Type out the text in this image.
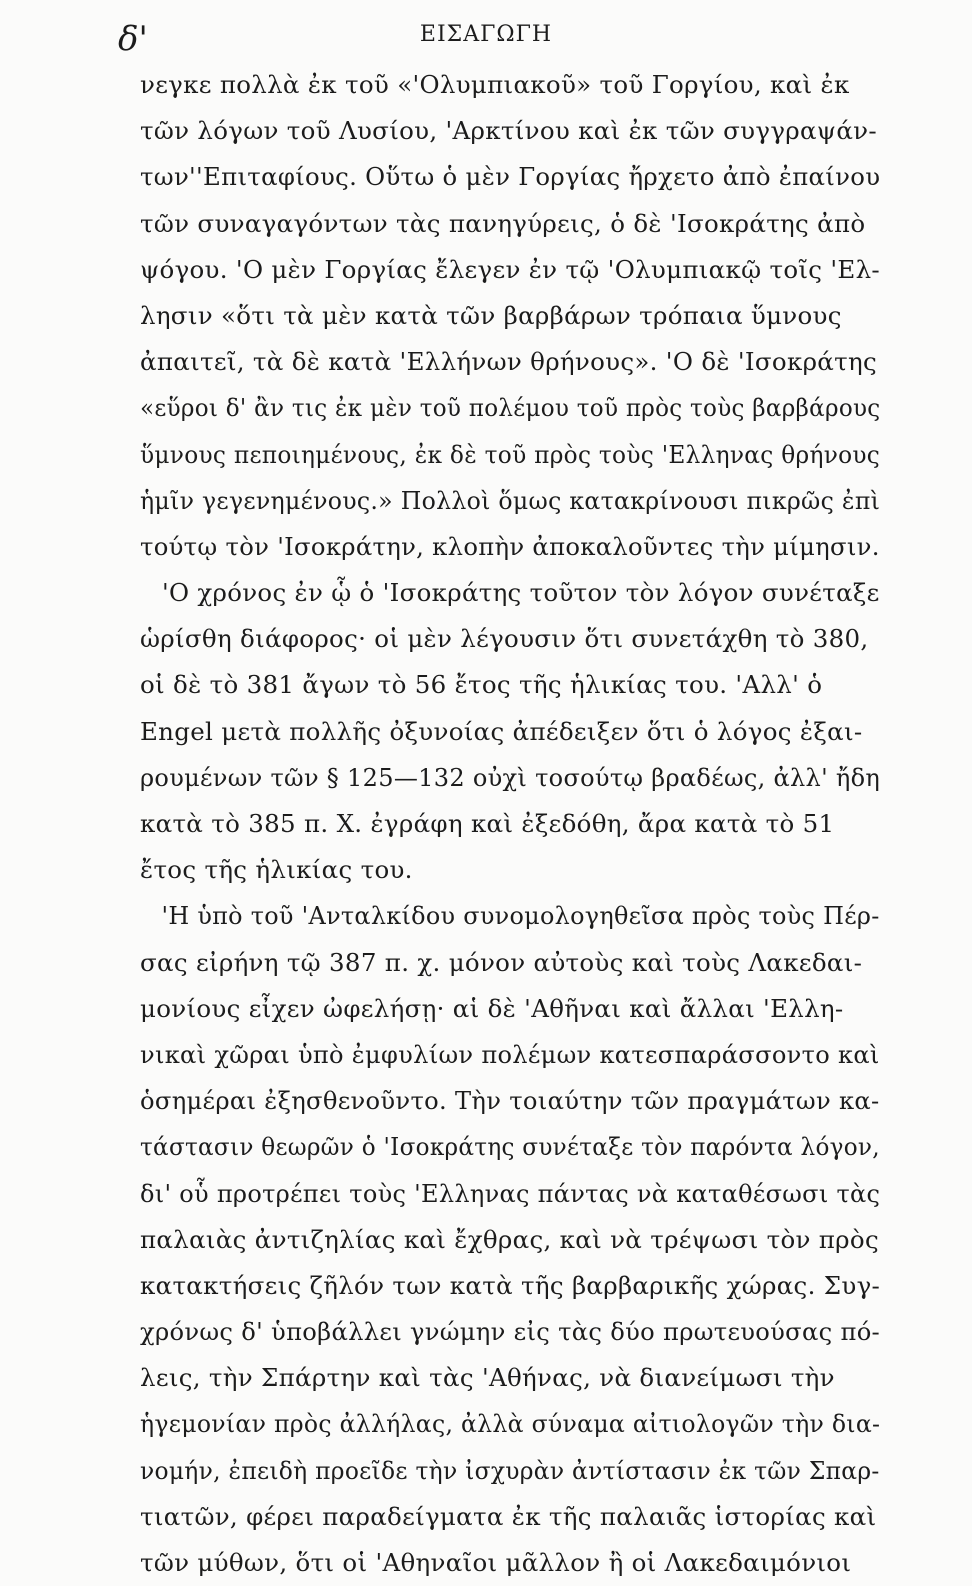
δ'	ΕΙΣΑΓΩΓΗ
νεγκε πολλὰ ἐκ τοῦ «'Ολυμπιακοῦ» τοῦ Γοργίου, καὶ ἐκ
τῶν λόγων τοῦ Λυσίου, 'Αρκτίνου καὶ ἐκ τῶν συγγραψάν-
των''Επιταφίους. Οὕτω ὁ μὲν Γοργίας ἤρχετο ἀπὸ ἐπαίνου
τῶν συναγαγόντων τὰς πανηγύρεις, ὁ δὲ 'Ισοκράτης ἀπὸ
ψόγου. 'Ο μὲν Γοργίας ἔλεγεν ἐν τῷ 'Ολυμπιακῷ τοῖς 'Ελ-
λησιν «ὅτι τὰ μὲν κατὰ τῶν βαρβάρων τρόπαια ὕμνους
ἀπαιτεῖ, τὰ δὲ κατὰ 'Ελλήνων θρήνους». 'Ο δὲ 'Ισοκράτης
«εὕροι δ' ἂν τις ἐκ μὲν τοῦ πολέμου τοῦ πρὸς τοὺς βαρβάρους
ὕμνους πεποιημένους, ἐκ δὲ τοῦ πρὸς τοὺς 'Ελληνας θρήνους
ἡμῖν γεγενημένους.» Πολλοὶ ὅμως κατακρίνουσι πικρῶς ἐπὶ
τούτῳ τὸν 'Ισοκράτην, κλοπὴν ἀποκαλοῦντες τὴν μίμησιν.
'Ο χρόνος ἐν ᾧ ὁ 'Ισοκράτης τοῦτον τὸν λόγον συνέταξε
ὡρίσθη διάφορος· οἱ μὲν λέγουσιν ὅτι συνετάχθη τὸ 380,
οἱ δὲ τὸ 381 ἄγων τὸ 56 ἔτος τῆς ἡλικίας του. 'Αλλ' ὁ
Engel μετὰ πολλῆς ὀξυνοίας ἀπέδειξεν ὅτι ὁ λόγος ἐξαι-
ρουμένων τῶν § 125—132 οὐχὶ τοσούτῳ βραδέως, ἀλλ' ἤδη
κατὰ τὸ 385 π. Χ. ἐγράφη καὶ ἐξεδόθη, ἄρα κατὰ τὸ 51
ἔτος τῆς ἡλικίας του.
'Η ὑπὸ τοῦ 'Ανταλκίδου συνομολογηθεῖσα πρὸς τοὺς Πέρ-
σας εἰρήνη τῷ 387 π. χ. μόνον αὐτοὺς καὶ τοὺς Λακεδαι-
μονίους εἶχεν ὠφελήσῃ· αἱ δὲ 'Αθῆναι καὶ ἄλλαι 'Ελλη-
νικαὶ χῶραι ὑπὸ ἐμφυλίων πολέμων κατεσπαράσσοντο καὶ
ὁσημέραι ἐξησθενοῦντο. Τὴν τοιαύτην τῶν πραγμάτων κα-
τάστασιν θεωρῶν ὁ 'Ισοκράτης συνέταξε τὸν παρόντα λόγον,
δι' οὗ προτρέπει τοὺς 'Ελληνας πάντας νὰ καταθέσωσι τὰς
παλαιὰς ἀντιζηλίας καὶ ἔχθρας, καὶ νὰ τρέψωσι τὸν πρὸς
κατακτήσεις ζῆλόν των κατὰ τῆς βαρβαρικῆς χώρας. Συγ-
χρόνως δ' ὑποβάλλει γνώμην εἰς τὰς δύο πρωτευούσας πό-
λεις, τὴν Σπάρτην καὶ τὰς 'Αθήνας, νὰ διανείμωσι τὴν
ἡγεμονίαν πρὸς ἀλλήλας, ἀλλὰ σύναμα αἰτιολογῶν τὴν δια-
νομήν, ἐπειδὴ προεῖδε τὴν ἰσχυρὰν ἀντίστασιν ἐκ τῶν Σπαρ-
τιατῶν, φέρει παραδείγματα ἐκ τῆς παλαιᾶς ἱστορίας καὶ
τῶν μύθων, ὅτι οἱ 'Αθηναῖοι μᾶλλον ἢ οἱ Λακεδαιμόνιοι
